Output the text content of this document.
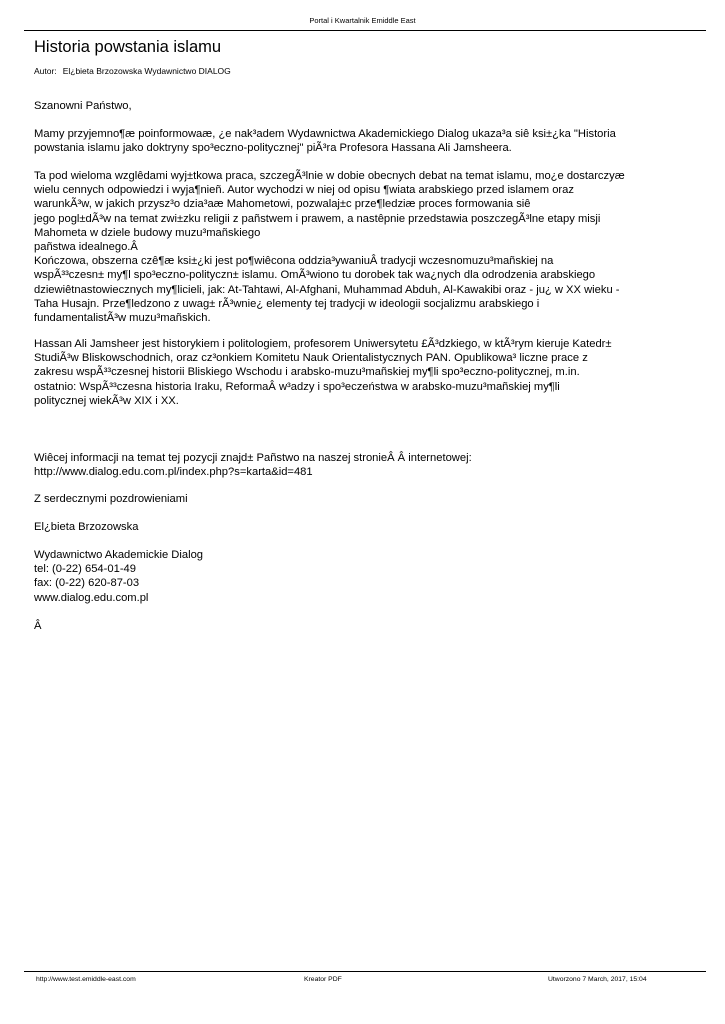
Portal i Kwartalnik Emiddle East
Historia powstania islamu
Autor: El¿bieta Brzozowska Wydawnictwo DIALOG
Szanowni Państwo,
Mamy przyjemno¶æ poinformowaæ, ¿e nak³adem Wydawnictwa Akademickiego Dialog ukaza³a siê ksi±¿ka "Historia
powstania islamu jako doktryny spo³eczno-politycznej" piÃ³ra Profesora Hassana Ali Jamsheera.
Ta pod wieloma wzglêdami wyj±tkowa praca, szczegÃ³lnie w dobie obecnych debat na temat islamu, mo¿e dostarczyæ
wielu cennych odpowiedzi i wyja¶nieñ. Autor wychodzi w niej od opisu ¶wiata arabskiego przed islamem oraz
warunkÃ³w, w jakich przysz³o dzia³aæ Mahometowi, pozwalaj±c prze¶ledziæ proces formowania siê
jego pogl±dÃ³w na temat zwi±zku religii z pañstwem i prawem, a nastêpnie przedstawia poszczegÃ³lne etapy misji
Mahometa w dziele budowy muzu³mañskiego
pañstwa idealnego.Â
Kończowa, obszerna czê¶æ ksi±¿ki jest po¶wiêcona oddzia³ywaniuÂ tradycji wczesnomuzu³mañskiej na
wspÃ³³czesn± my¶l spo³eczno-polityczn± islamu. OmÃ³wiono tu dorobek tak wa¿nych dla odrodzenia arabskiego
dziewiêtnastowiecznych my¶licieli, jak: At-Tahtawi, Al-Afghani, Muhammad Abduh, Al-Kawakibi oraz - ju¿ w XX wieku -
Taha Husajn. Prze¶ledzono z uwag± rÃ³wnie¿ elementy tej tradycji w ideologii socjalizmu arabskiego i
fundamentalistÃ³w muzu³mañskich.
Hassan Ali Jamsheer jest historykiem i politologiem, profesorem Uniwersytetu £Ã³dzkiego, w ktÃ³rym kieruje Katedr±
StudiÃ³w Bliskowschodnich, oraz cz³onkiem Komitetu Nauk Orientalistycznych PAN. Opublikowa³ liczne prace z
zakresu wspÃ³³czesnej historii Bliskiego Wschodu i arabsko-muzu³mañskiej my¶li spo³eczno-politycznej, m.in.
ostatnio: WspÃ³³czesna historia Iraku, ReformaÂ w³adzy i spo³eczeństwa w arabsko-muzu³mañskiej my¶li
politycznej wiekÃ³w XIX i XX.
Wiêcej informacji na temat tej pozycji znajd± Pañstwo na naszej stronieÂ Â internetowej:
http://www.dialog.edu.com.pl/index.php?s=karta&id=481
Z serdecznymi pozdrowieniami
El¿bieta Brzozowska
Wydawnictwo Akademickie Dialog
tel: (0-22) 654-01-49
fax: (0-22) 620-87-03
www.dialog.edu.com.pl
Â
http://www.test.emiddle-east.com	Kreator PDF	Utworzono 7 March, 2017, 15:04
